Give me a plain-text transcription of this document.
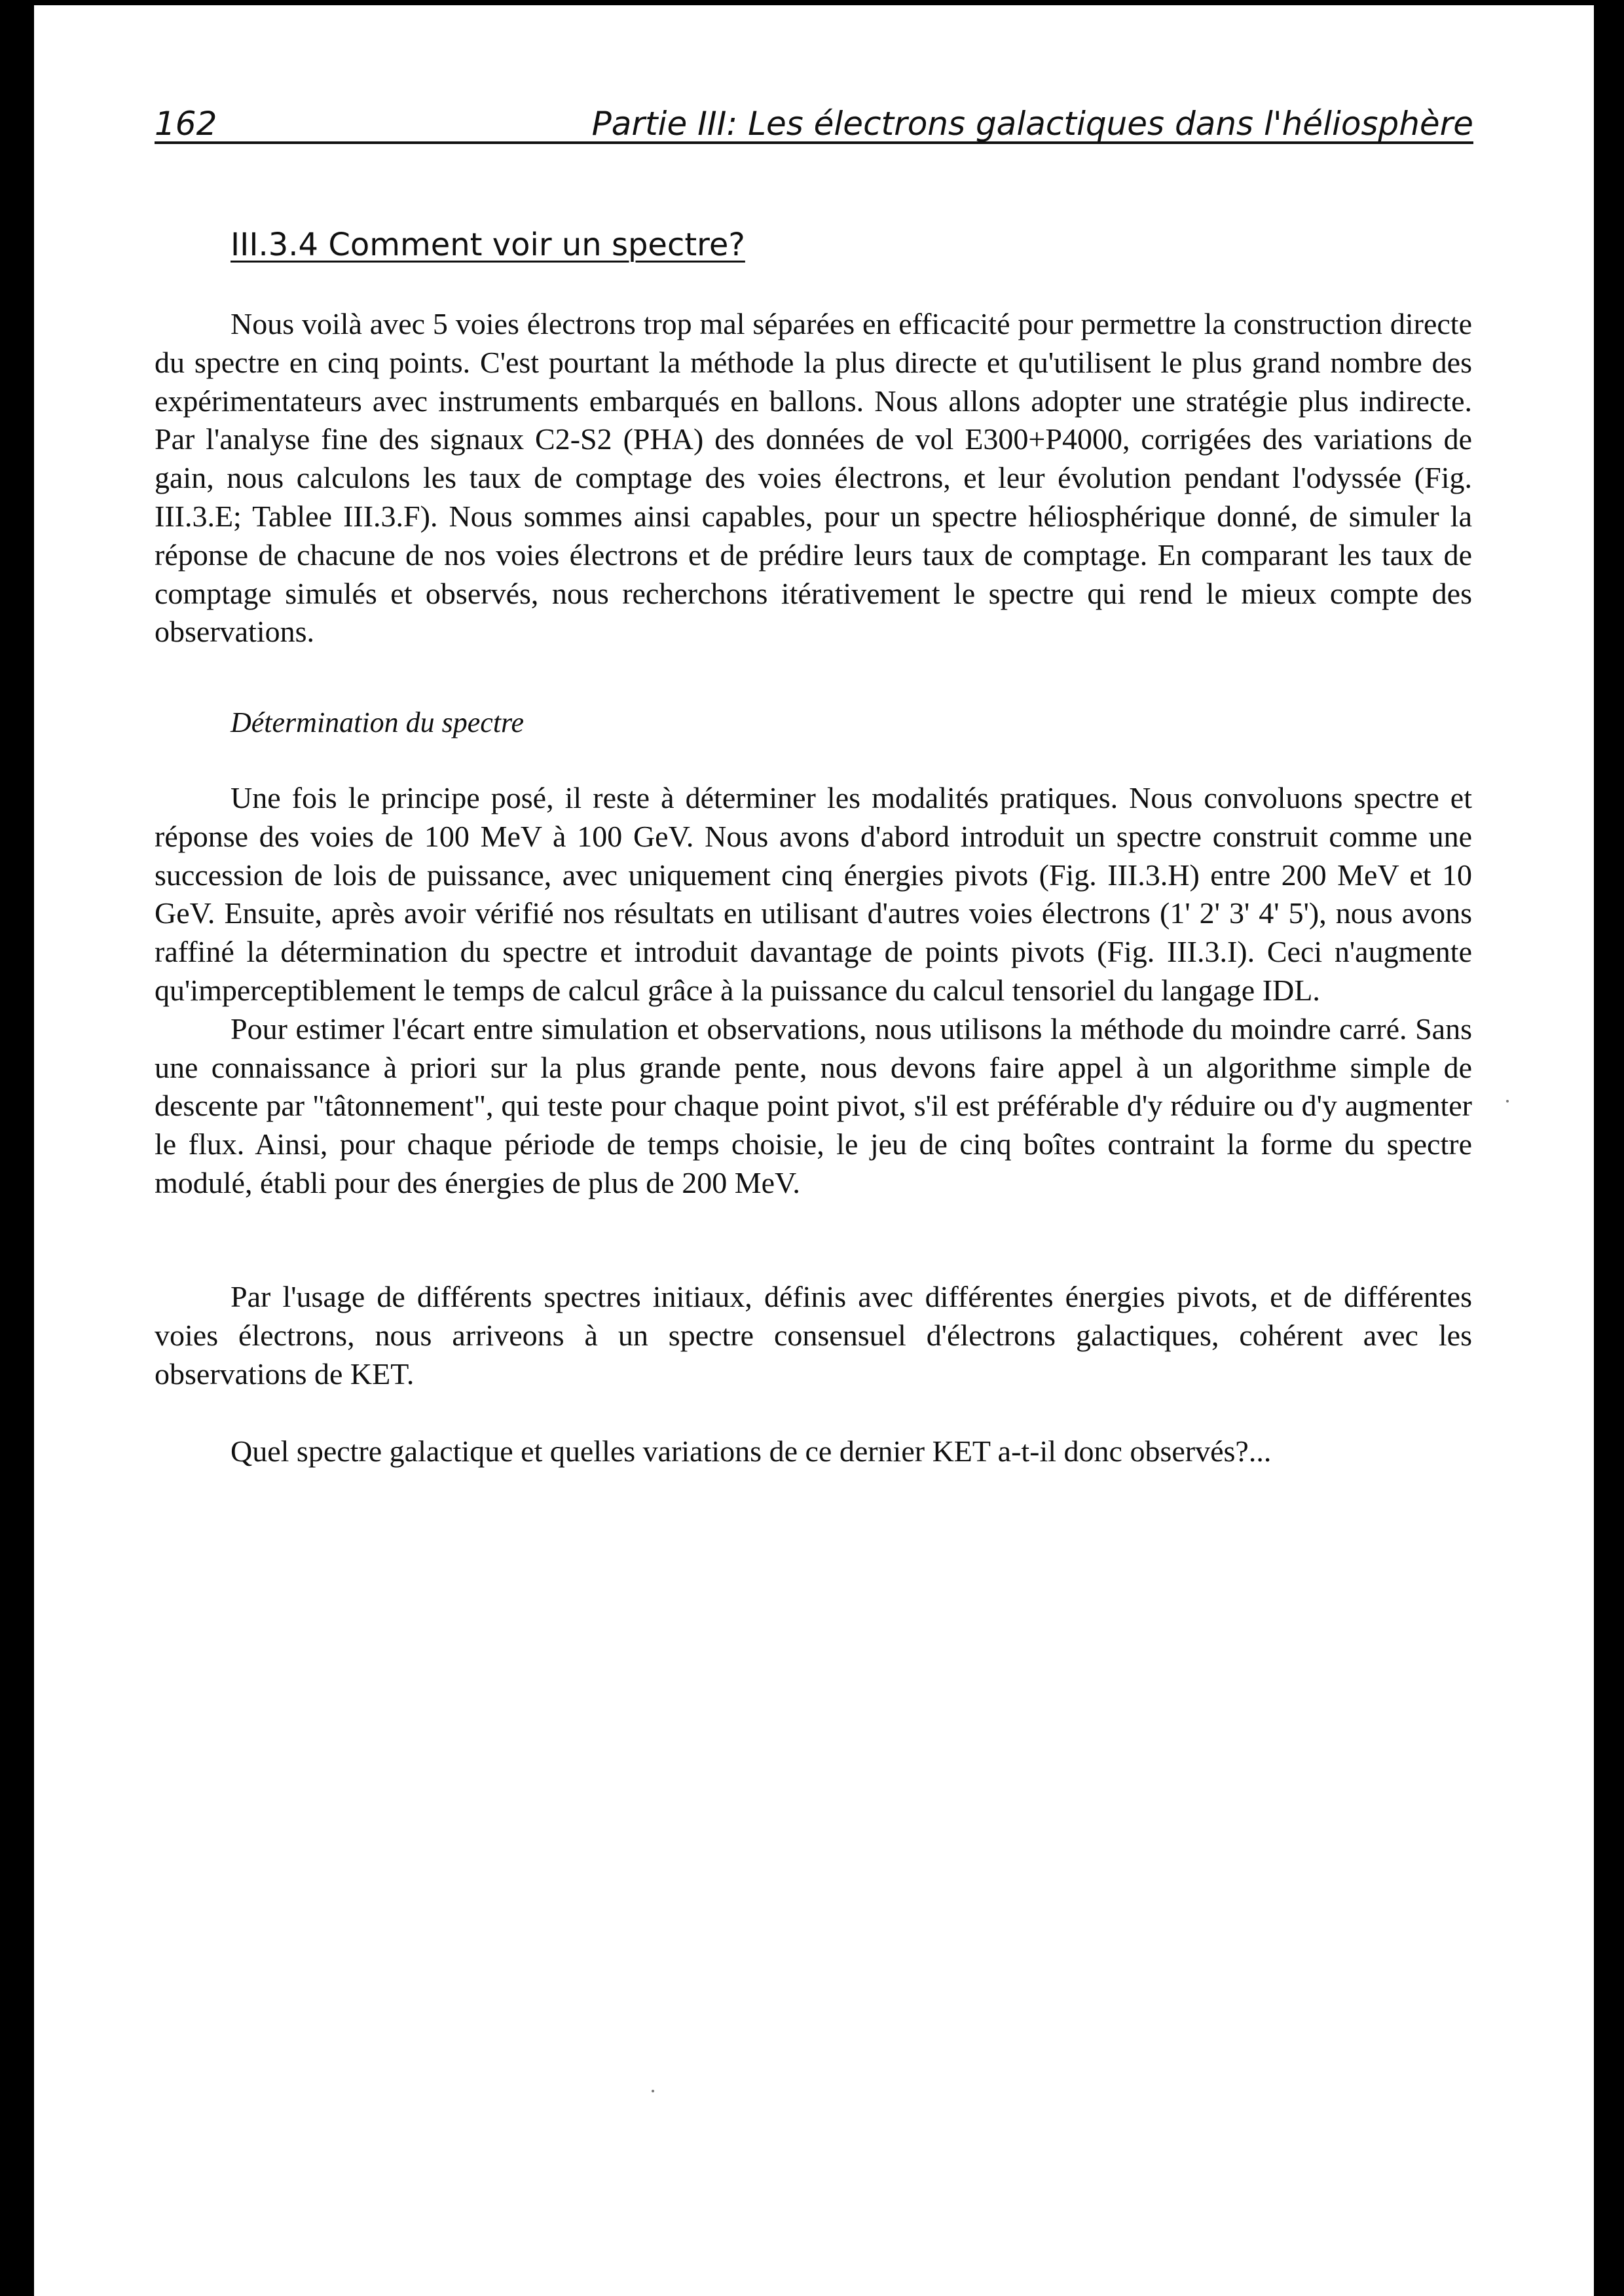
162	Partie III: Les électrons galactiques dans l'héliosphère
III.3.4 Comment voir un spectre?

Nous voilà avec 5 voies électrons trop mal séparées en efficacité pour permettre la construction directe du spectre en cinq points. C'est pourtant la méthode la plus directe et qu'utilisent le plus grand nombre des expérimentateurs avec instruments embarqués en ballons. Nous allons adopter une stratégie plus indirecte. Par l'analyse fine des signaux C2-S2 (PHA) des données de vol E300+P4000, corrigées des variations de gain, nous calculons les taux de comptage des voies électrons, et leur évolution pendant l'odyssée (Fig. III.3.E; Tablee III.3.F). Nous sommes ainsi capables, pour un spectre héliosphérique donné, de simuler la réponse de chacune de nos voies électrons et de prédire leurs taux de comptage. En comparant les taux de comptage simulés et observés, nous recherchons itérativement le spectre qui rend le mieux compte des observations.

Détermination du spectre

Une fois le principe posé, il reste à déterminer les modalités pratiques. Nous convoluons spectre et réponse des voies de 100 MeV à 100 GeV. Nous avons d'abord introduit un spectre construit comme une succession de lois de puissance, avec uniquement cinq énergies pivots (Fig. III.3.H) entre 200 MeV et 10 GeV. Ensuite, après avoir vérifié nos résultats en utilisant d'autres voies électrons (1' 2' 3' 4' 5'), nous avons raffiné la détermination du spectre et introduit davantage de points pivots (Fig. III.3.I). Ceci n'augmente qu'imperceptiblement le temps de calcul grâce à la puissance du calcul tensoriel du langage IDL.

Pour estimer l'écart entre simulation et observations, nous utilisons la méthode du moindre carré. Sans une connaissance à priori sur la plus grande pente, nous devons faire appel à un algorithme simple de descente par "tâtonnement", qui teste pour chaque point pivot, s'il est préférable d'y réduire ou d'y augmenter le flux. Ainsi, pour chaque période de temps choisie, le jeu de cinq boîtes contraint la forme du spectre modulé, établi pour des énergies de plus de 200 MeV.

Par l'usage de différents spectres initiaux, définis avec différentes énergies pivots, et de différentes voies électrons, nous arriveons à un spectre consensuel d'électrons galactiques, cohérent avec les observations de KET.

Quel spectre galactique et quelles variations de ce dernier KET a-t-il donc observés?...
